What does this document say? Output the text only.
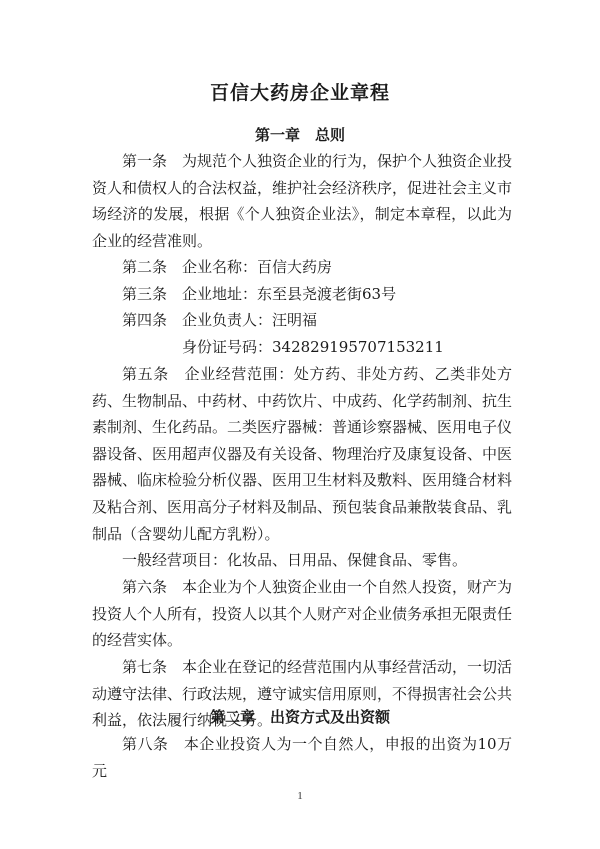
百信大药房企业章程
第一章　总则

第一条　为规范个人独资企业的行为，保护个人独资企业投资人和债权人的合法权益，维护社会经济秩序，促进社会主义市场经济的发展，根据《个人独资企业法》，制定本章程，以此为企业的经营准则。

第二条　企业名称：百信大药房

第三条　企业地址：东至县尧渡老街63号

第四条　企业负责人：汪明福

身份证号码：342829195707153211

第五条　企业经营范围：处方药、非处方药、乙类非处方药、生物制品、中药材、中药饮片、中成药、化学药制剂、抗生素制剂、生化药品。二类医疗器械：普通诊察器械、医用电子仪器设备、医用超声仪器及有关设备、物理治疗及康复设备、中医器械、临床检验分析仪器、医用卫生材料及敷料、医用缝合材料及粘合剂、医用高分子材料及制品、预包装食品兼散装食品、乳制品（含婴幼儿配方乳粉）。

一般经营项目：化妆品、日用品、保健食品、零售。

第六条　本企业为个人独资企业由一个自然人投资，财产为投资人个人所有，投资人以其个人财产对企业债务承担无限责任的经营实体。

第七条　本企业在登记的经营范围内从事经营活动，一切活动遵守法律、行政法规，遵守诚实信用原则，不得损害社会公共利益，依法履行纳税义务。

第二章　出资方式及出资额

第八条　本企业投资人为一个自然人，申报的出资为10万元

1
